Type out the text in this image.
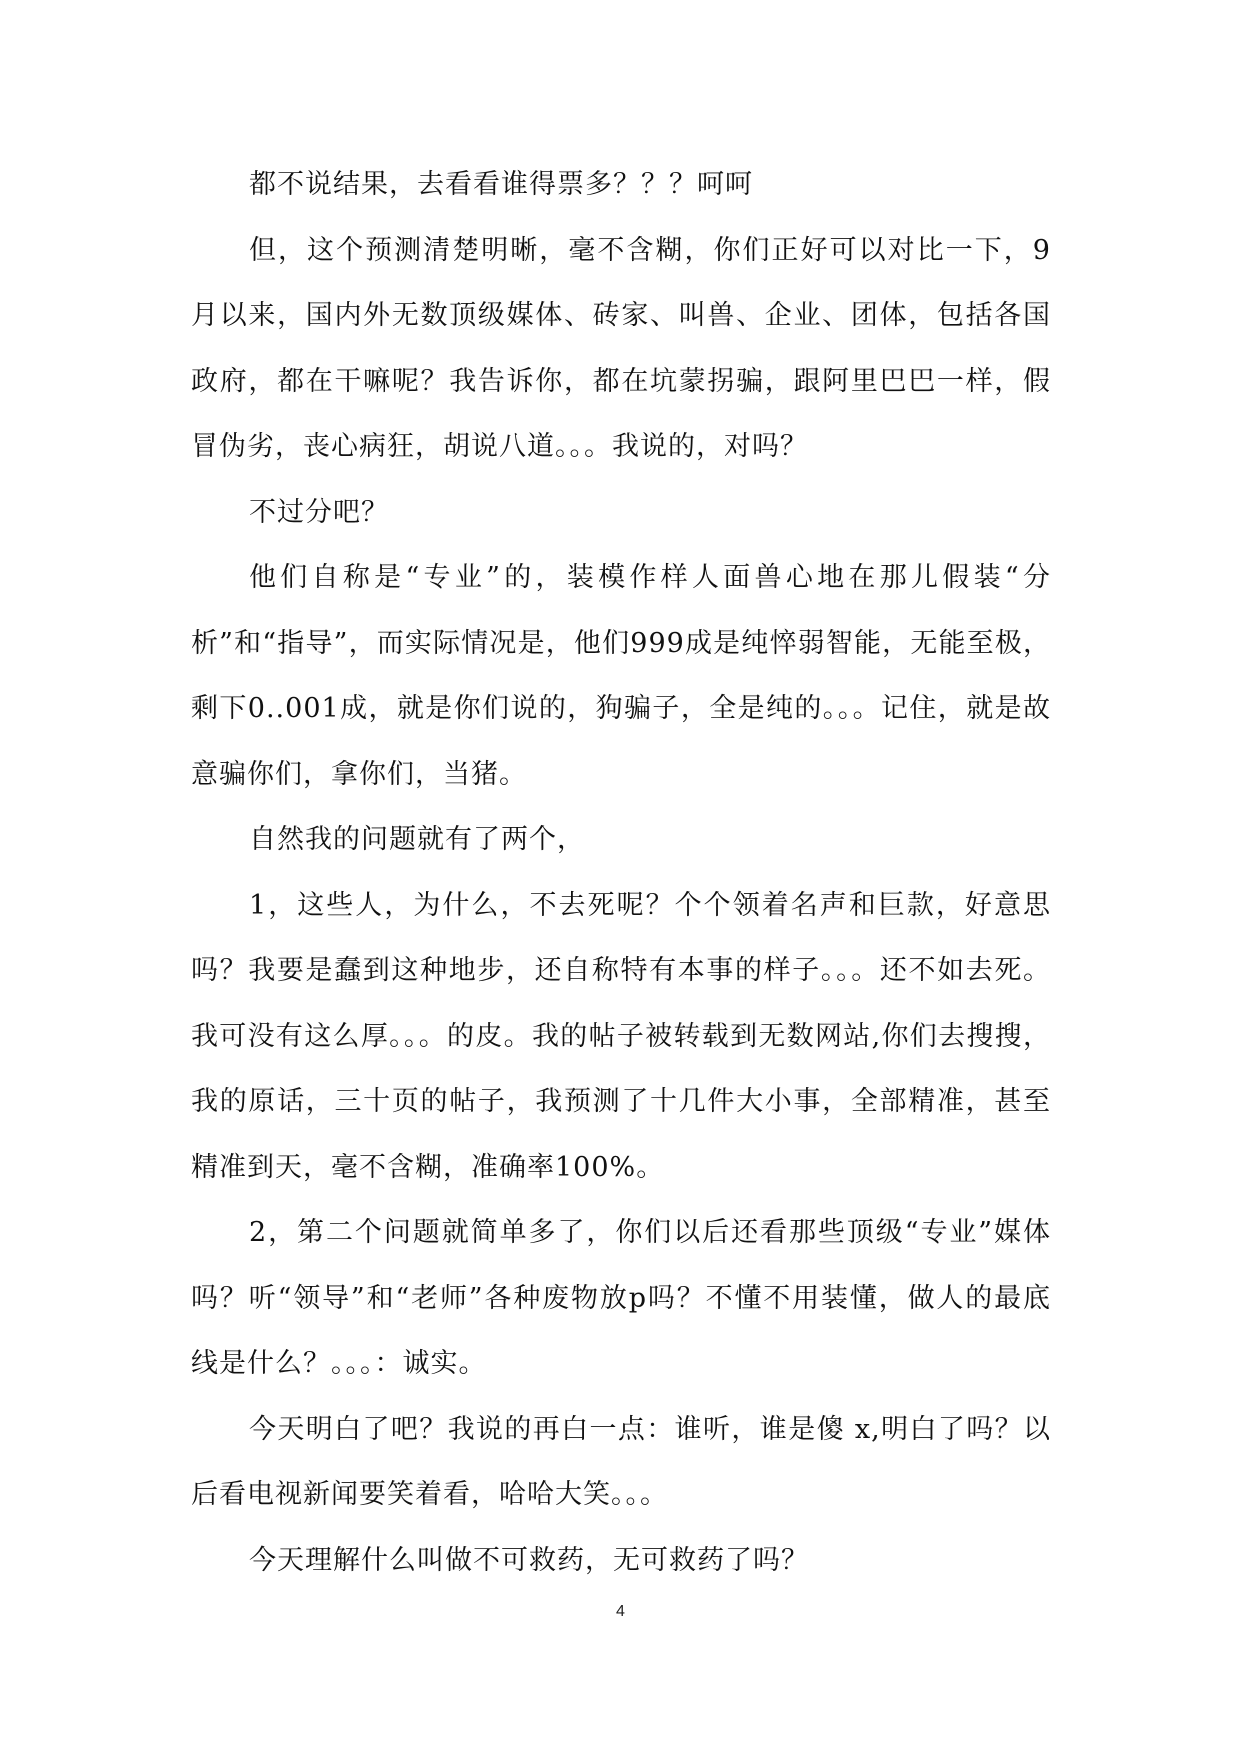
都不说结果，去看看谁得票多？？？呵呵

但，这个预测清楚明晰，毫不含糊，你们正好可以对比一下，9月以来，国内外无数顶级媒体、砖家、叫兽、企业、团体，包括各国政府，都在干嘛呢？我告诉你，都在坑蒙拐骗，跟阿里巴巴一样，假冒伪劣，丧心病狂，胡说八道。。。我说的，对吗？

不过分吧？

他们自称是“专业”的，装模作样人面兽心地在那儿假装“分析”和“指导”，而实际情况是，他们999成是纯悴弱智能，无能至极，剩下0..001成，就是你们说的，狗骗子，全是纯的。。。记住，就是故意骗你们，拿你们，当猪。

自然我的问题就有了两个，

1，这些人，为什么，不去死呢？个个领着名声和巨款，好意思吗？我要是蠢到这种地步，还自称特有本事的样子。。。还不如去死。我可没有这么厚。。。的皮。我的帖子被转载到无数网站,你们去搜搜，我的原话，三十页的帖子，我预测了十几件大小事，全部精准，甚至精准到天，毫不含糊，准确率100%。

2，第二个问题就简单多了，你们以后还看那些顶级“专业”媒体吗？听“领导”和“老师”各种废物放p吗？不懂不用装懂，做人的最底线是什么？。。。：诚实。

今天明白了吧？我说的再白一点：谁听，谁是傻 x,明白了吗？以后看电视新闻要笑着看，哈哈大笑。。。

今天理解什么叫做不可救药，无可救药了吗？

4
